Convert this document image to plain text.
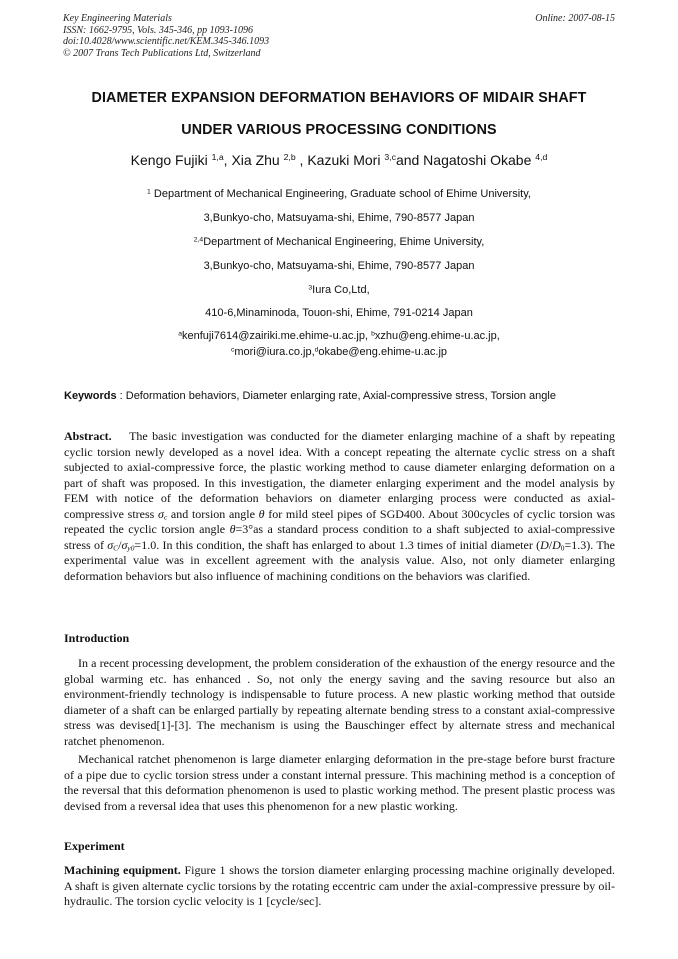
Key Engineering Materials
ISSN: 1662-9795, Vols. 345-346, pp 1093-1096
doi:10.4028/www.scientific.net/KEM.345-346.1093
© 2007 Trans Tech Publications Ltd, Switzerland
Online: 2007-08-15
DIAMETER EXPANSION DEFORMATION BEHAVIORS OF MIDAIR SHAFT
UNDER VARIOUS PROCESSING CONDITIONS
Kengo Fujiki $^{1,a}$, Xia Zhu $^{2,b}$ , Kazuki Mori $^{3,c}$and Nagatoshi Okabe $^{4,d}$
$^1$ Department of Mechanical Engineering, Graduate school of Ehime University,
3,Bunkyo-cho, Matsuyama-shi, Ehime, 790-8577 Japan
$^{2,4}$Department of Mechanical Engineering, Ehime University,
3,Bunkyo-cho, Matsuyama-shi, Ehime, 790-8577 Japan
$^3$Iura Co,Ltd,
410-6,Minaminoda, Touon-shi, Ehime, 791-0214 Japan
$^a$kenfuji7614@zairiki.me.ehime-u.ac.jp, $^b$xzhu@eng.ehime-u.ac.jp,
$^c$mori@iura.co.jp,$^d$okabe@eng.ehime-u.ac.jp
Keywords : Deformation behaviors, Diameter enlarging rate, Axial-compressive stress, Torsion angle
Abstract. The basic investigation was conducted for the diameter enlarging machine of a shaft by repeating cyclic torsion newly developed as a novel idea. With a concept repeating the alternate cyclic stress on a shaft subjected to axial-compressive force, the plastic working method to cause diameter enlarging deformation on a part of shaft was proposed. In this investigation, the diameter enlarging experiment and the model analysis by FEM with notice of the deformation behaviors on diameter enlarging process were conducted as axial-compressive stress $\sigma_c$ and torsion angle θ for mild steel pipes of SGD400. About 300cycles of cyclic torsion was repeated the cyclic torsion angle θ=3°as a standard process condition to a shaft subjected to axial-compressive stress of $\sigma_C/\sigma_{y0}=1.0$. In this condition, the shaft has enlarged to about 1.3 times of initial diameter $(D/D_0=1.3)$. The experimental value was in excellent agreement with the analysis value. Also, not only diameter enlarging deformation behaviors but also influence of machining conditions on the behaviors was clarified.
Introduction
In a recent processing development, the problem consideration of the exhaustion of the energy resource and the global warming etc. has enhanced . So, not only the energy saving and the saving resource but also an environment-friendly technology is indispensable to future process. A new plastic working method that outside diameter of a shaft can be enlarged partially by repeating alternate bending stress to a constant axial-compressive stress was devised[1]-[3]. The mechanism is using the Bauschinger effect by alternate stress and mechanical ratchet phenomenon.
Mechanical ratchet phenomenon is large diameter enlarging deformation in the pre-stage before burst fracture of a pipe due to cyclic torsion stress under a constant internal pressure. This machining method is a conception of the reversal that this deformation phenomenon is used to plastic working method. The present plastic process was devised from a reversal idea that uses this phenomenon for a new plastic working.
Experiment
Machining equipment. Figure 1 shows the torsion diameter enlarging processing machine originally developed. A shaft is given alternate cyclic torsions by the rotating eccentric cam under the axial-compressive pressure by oil-hydraulic. The torsion cyclic velocity is 1 [cycle/sec].
